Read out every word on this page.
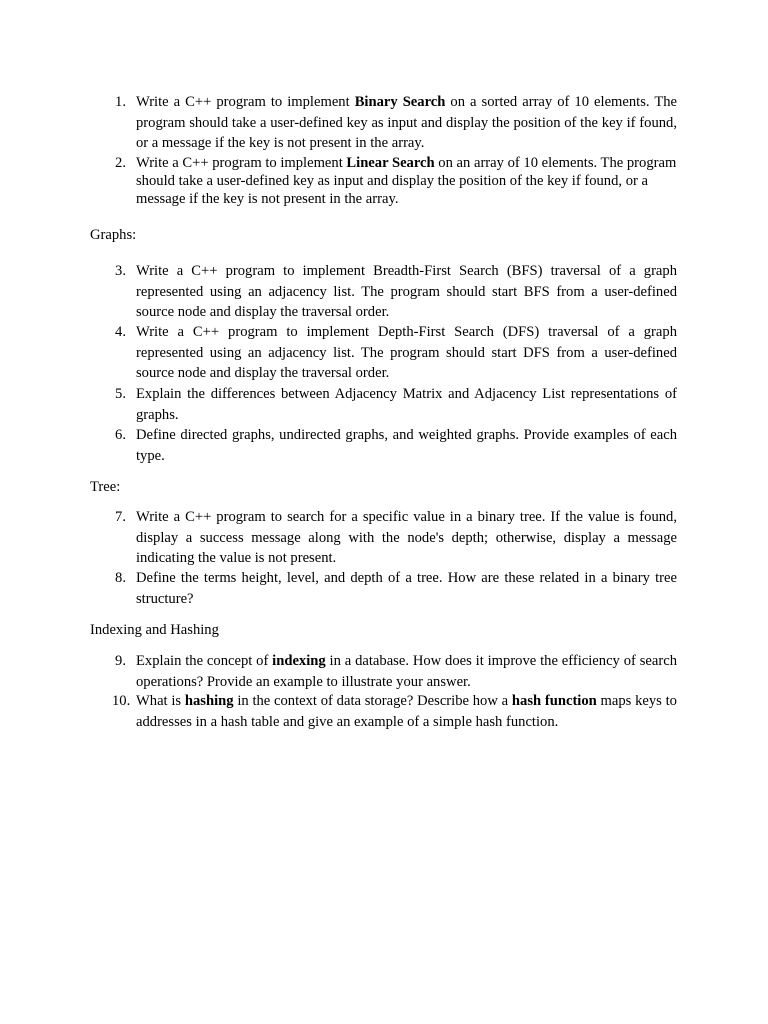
1. Write a C++ program to implement Binary Search on a sorted array of 10 elements. The program should take a user-defined key as input and display the position of the key if found, or a message if the key is not present in the array.
2. Write a C++ program to implement Linear Search on an array of 10 elements. The program should take a user-defined key as input and display the position of the key if found, or a message if the key is not present in the array.
Graphs:
3. Write a C++ program to implement Breadth-First Search (BFS) traversal of a graph represented using an adjacency list. The program should start BFS from a user-defined source node and display the traversal order.
4. Write a C++ program to implement Depth-First Search (DFS) traversal of a graph represented using an adjacency list. The program should start DFS from a user-defined source node and display the traversal order.
5. Explain the differences between Adjacency Matrix and Adjacency List representations of graphs.
6. Define directed graphs, undirected graphs, and weighted graphs. Provide examples of each type.
Tree:
7. Write a C++ program to search for a specific value in a binary tree. If the value is found, display a success message along with the node's depth; otherwise, display a message indicating the value is not present.
8. Define the terms height, level, and depth of a tree. How are these related in a binary tree structure?
Indexing and Hashing
9. Explain the concept of indexing in a database. How does it improve the efficiency of search operations? Provide an example to illustrate your answer.
10. What is hashing in the context of data storage? Describe how a hash function maps keys to addresses in a hash table and give an example of a simple hash function.
